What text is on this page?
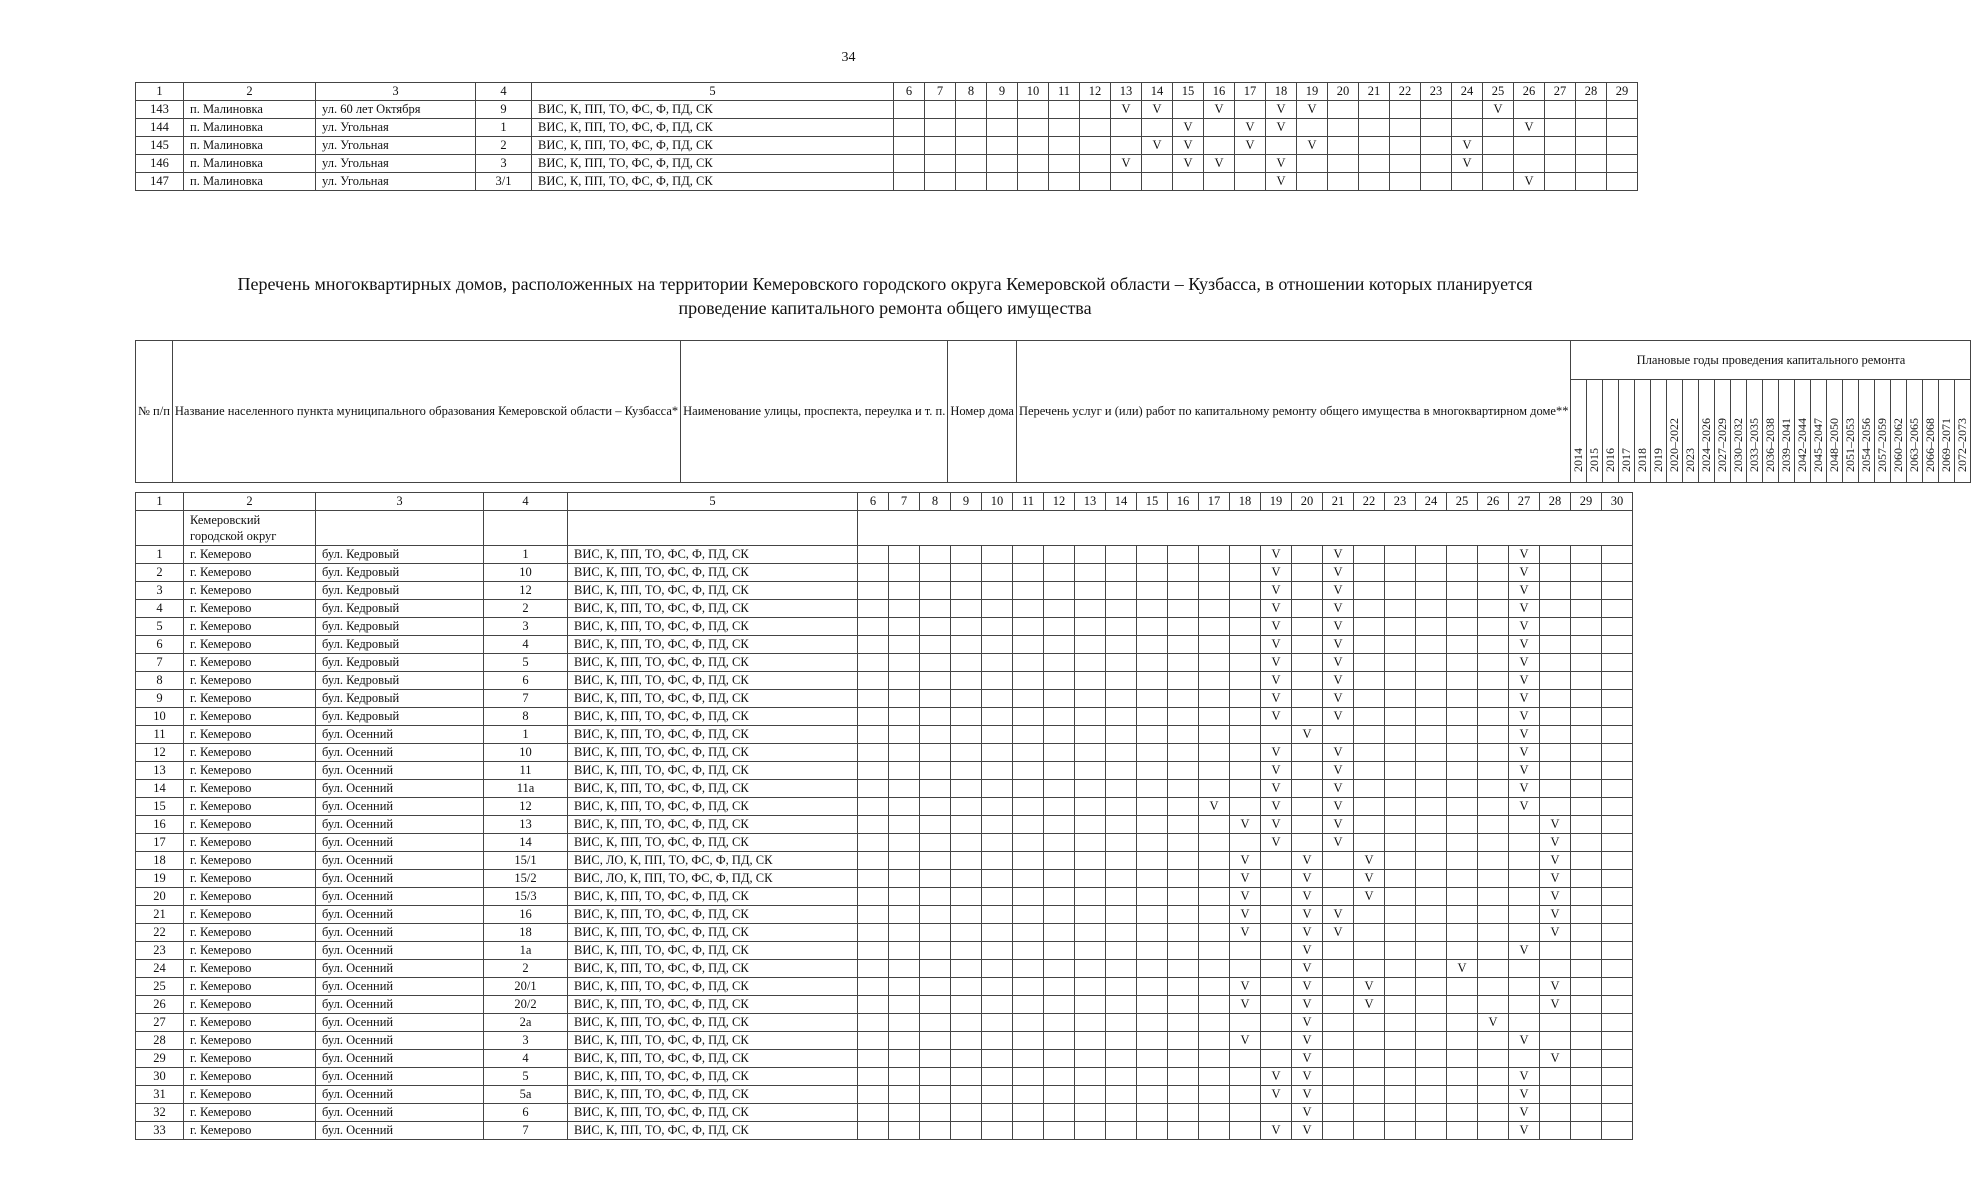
34
1	2	3	4	5	6	7	8	9	10	11	12	13	14	15	16	17	18	19	20	21	22	23	24	25	26	27	28	29
143	п. Малиновка	ул. 60 лет Октября	9	ВИС, К, ПП, ТО, ФС, Ф, ПД, СК								V	V		V		V	V						V				
144	п. Малиновка	ул. Угольная	1	ВИС, К, ПП, ТО, ФС, Ф, ПД, СК										V		V	V								V			
145	п. Малиновка	ул. Угольная	2	ВИС, К, ПП, ТО, ФС, Ф, ПД, СК									V	V		V		V					V					
146	п. Малиновка	ул. Угольная	3	ВИС, К, ПП, ТО, ФС, Ф, ПД, СК								V		V	V		V						V					
147	п. Малиновка	ул. Угольная	3/1	ВИС, К, ПП, ТО, ФС, Ф, ПД, СК													V								V			
Перечень многоквартирных домов, расположенных на территории Кемеровского городского округа Кемеровской области – Кузбасса, в отношении которых планируется
проведение капитального ремонта общего имущества
№ п/п	Название населенного пункта муниципального образования Кемеровской области – Кузбасса*	Наименование улицы, проспекта, переулка и т. п.	Номер дома	Перечень услуг и (или) работ по капитальному ремонту общего имущества в многоквартирном доме**	Плановые годы проведения капитального ремонта																								
					2014	2015	2016	2017	2018	2019	2020–2022	2023	2024–2026	2027–2029	2030–2032	2033–2035	2036–2038	2039–2041	2042–2044	2045–2047	2048–2050	2051–2053	2054–2056	2057–2059	2060–2062	2063–2065	2066–2068	2069–2071	2072–2073
1	2	3	4	5	6	7	8	9	10	11	12	13	14	15	16	17	18	19	20	21	22	23	24	25	26	27	28	29	30
	Кемеровский городской округ																												
1	г. Кемерово	бул. Кедровый	1	ВИС, К, ПП, ТО, ФС, Ф, ПД, СК														V		V						V			
2	г. Кемерово	бул. Кедровый	10	ВИС, К, ПП, ТО, ФС, Ф, ПД, СК														V		V						V			
3	г. Кемерово	бул. Кедровый	12	ВИС, К, ПП, ТО, ФС, Ф, ПД, СК														V		V						V			
4	г. Кемерово	бул. Кедровый	2	ВИС, К, ПП, ТО, ФС, Ф, ПД, СК														V		V						V			
5	г. Кемерово	бул. Кедровый	3	ВИС, К, ПП, ТО, ФС, Ф, ПД, СК														V		V						V			
6	г. Кемерово	бул. Кедровый	4	ВИС, К, ПП, ТО, ФС, Ф, ПД, СК														V		V						V			
7	г. Кемерово	бул. Кедровый	5	ВИС, К, ПП, ТО, ФС, Ф, ПД, СК														V		V						V			
8	г. Кемерово	бул. Кедровый	6	ВИС, К, ПП, ТО, ФС, Ф, ПД, СК														V		V						V			
9	г. Кемерово	бул. Кедровый	7	ВИС, К, ПП, ТО, ФС, Ф, ПД, СК														V		V						V			
10	г. Кемерово	бул. Кедровый	8	ВИС, К, ПП, ТО, ФС, Ф, ПД, СК														V		V						V			
11	г. Кемерово	бул. Осенний	1	ВИС, К, ПП, ТО, ФС, Ф, ПД, СК															V							V			
12	г. Кемерово	бул. Осенний	10	ВИС, К, ПП, ТО, ФС, Ф, ПД, СК														V		V						V			
13	г. Кемерово	бул. Осенний	11	ВИС, К, ПП, ТО, ФС, Ф, ПД, СК														V		V						V			
14	г. Кемерово	бул. Осенний	11а	ВИС, К, ПП, ТО, ФС, Ф, ПД, СК														V		V						V			
15	г. Кемерово	бул. Осенний	12	ВИС, К, ПП, ТО, ФС, Ф, ПД, СК												V		V		V						V			
16	г. Кемерово	бул. Осенний	13	ВИС, К, ПП, ТО, ФС, Ф, ПД, СК													V	V		V							V		
17	г. Кемерово	бул. Осенний	14	ВИС, К, ПП, ТО, ФС, Ф, ПД, СК														V		V							V		
18	г. Кемерово	бул. Осенний	15/1	ВИС, ЛО, К, ПП, ТО, ФС, Ф, ПД, СК													V		V		V						V		
19	г. Кемерово	бул. Осенний	15/2	ВИС, ЛО, К, ПП, ТО, ФС, Ф, ПД, СК													V		V		V						V		
20	г. Кемерово	бул. Осенний	15/3	ВИС, К, ПП, ТО, ФС, Ф, ПД, СК													V		V		V						V		
21	г. Кемерово	бул. Осенний	16	ВИС, К, ПП, ТО, ФС, Ф, ПД, СК													V		V	V							V		
22	г. Кемерово	бул. Осенний	18	ВИС, К, ПП, ТО, ФС, Ф, ПД, СК													V		V	V							V		
23	г. Кемерово	бул. Осенний	1а	ВИС, К, ПП, ТО, ФС, Ф, ПД, СК															V							V			
24	г. Кемерово	бул. Осенний	2	ВИС, К, ПП, ТО, ФС, Ф, ПД, СК															V					V					
25	г. Кемерово	бул. Осенний	20/1	ВИС, К, ПП, ТО, ФС, Ф, ПД, СК													V		V		V						V		
26	г. Кемерово	бул. Осенний	20/2	ВИС, К, ПП, ТО, ФС, Ф, ПД, СК													V		V		V						V		
27	г. Кемерово	бул. Осенний	2а	ВИС, К, ПП, ТО, ФС, Ф, ПД, СК															V						V				
28	г. Кемерово	бул. Осенний	3	ВИС, К, ПП, ТО, ФС, Ф, ПД, СК													V		V							V			
29	г. Кемерово	бул. Осенний	4	ВИС, К, ПП, ТО, ФС, Ф, ПД, СК															V								V		
30	г. Кемерово	бул. Осенний	5	ВИС, К, ПП, ТО, ФС, Ф, ПД, СК														V	V							V			
31	г. Кемерово	бул. Осенний	5а	ВИС, К, ПП, ТО, ФС, Ф, ПД, СК														V	V							V			
32	г. Кемерово	бул. Осенний	6	ВИС, К, ПП, ТО, ФС, Ф, ПД, СК															V							V			
33	г. Кемерово	бул. Осенний	7	ВИС, К, ПП, ТО, ФС, Ф, ПД, СК														V	V							V			
